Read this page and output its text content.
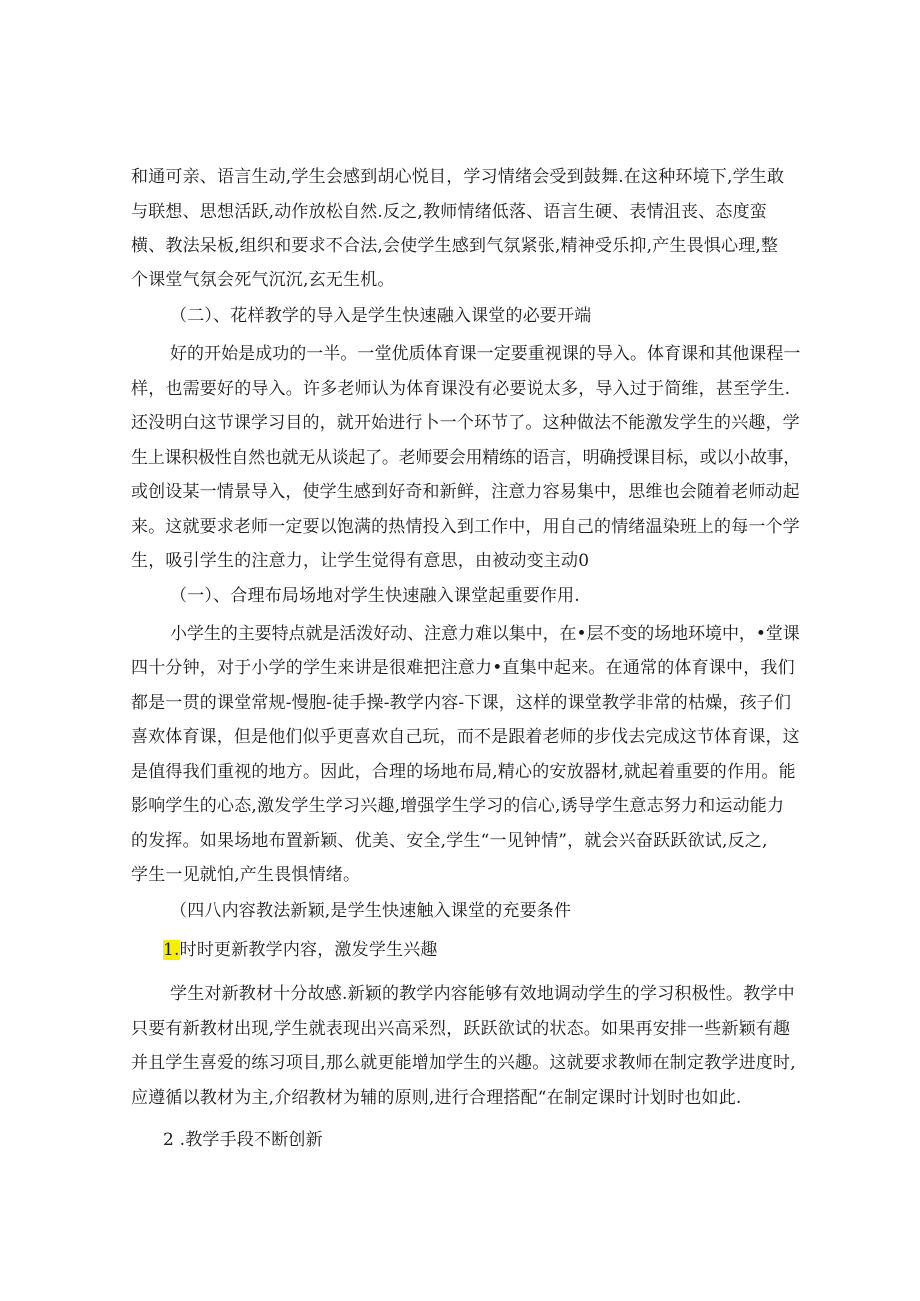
和通可亲、语言生动,学生会感到胡心悦目，学习情绪会受到鼓舞.在这种环境下,学生敢
与联想、思想活跃,动作放松自然.反之,教师情绪低落、语言生硬、表情沮丧、态度蛮
横、教法呆板,组织和要求不合法,会使学生感到气氛紧张,精神受乐抑,产生畏惧心理,整
个课堂气氛会死气沉沉,玄无生机。
（二）、花样教学的导入是学生快速融入课堂的必要开端
好的开始是成功的一半。一堂优质体育课一定要重视课的导入。体育课和其他课程一
样，也需要好的导入。许多老师认为体育课没有必要说太多，导入过于简维，甚至学生.
还没明白这节课学习目的，就开始进行卜一个环节了。这种做法不能激发学生的兴趣，学
生上课积极性自然也就无从谈起了。老师要会用精练的语言，明确授课目标，或以小故事，
或创设某一情景导入，使学生感到好奇和新鲜，注意力容易集中，思维也会随着老师动起
来。这就要求老师一定要以饱满的热情投入到工作中，用自己的情绪温染班上的每一个学
生，吸引学生的注意力，让学生觉得有意思，由被动变主动0
（一）、合理布局场地对学生快速融入课堂起重要作用.
小学生的主要特点就是活泼好动、注意力难以集中，在•层不变的场地环境中，•堂课
四十分钟，对于小学的学生来讲是很难把注意力•直集中起来。在通常的体育课中，我们
都是一贯的课堂常规-慢胞-徒手操-教学内容-下课，这样的课堂教学非常的枯燥，孩子们
喜欢体育课，但是他们似乎更喜欢自己玩，而不是跟着老师的步伐去完成这节体育课，这
是值得我们重视的地方。因此，合理的场地布局,精心的安放器材,就起着重要的作用。能
影响学生的心态,激发学生学习兴趣,增强学生学习的信心,诱导学生意志努力和运动能力
的发挥。如果场地布置新颖、优美、安全,学生“一见钟情”，就会兴奋跃跃欲试,反之,
学生一见就怕,产生畏惧情绪。
（四八内容教法新颖,是学生快速触入课堂的充要条件
1.时时更新教学内容，激发学生兴趣
学生对新教材十分故感.新颖的教学内容能够有效地调动学生的学习积极性。教学中
只要有新教材出现,学生就表现出兴高采烈，跃跃欲试的状态。如果再安排一些新颖有趣
并且学生喜爱的练习项目,那么就更能增加学生的兴趣。这就要求教师在制定教学进度时,
应遵循以教材为主,介绍教材为辅的原则,进行合理搭配“在制定课时计划时也如此.
2 .教学手段不断创新
